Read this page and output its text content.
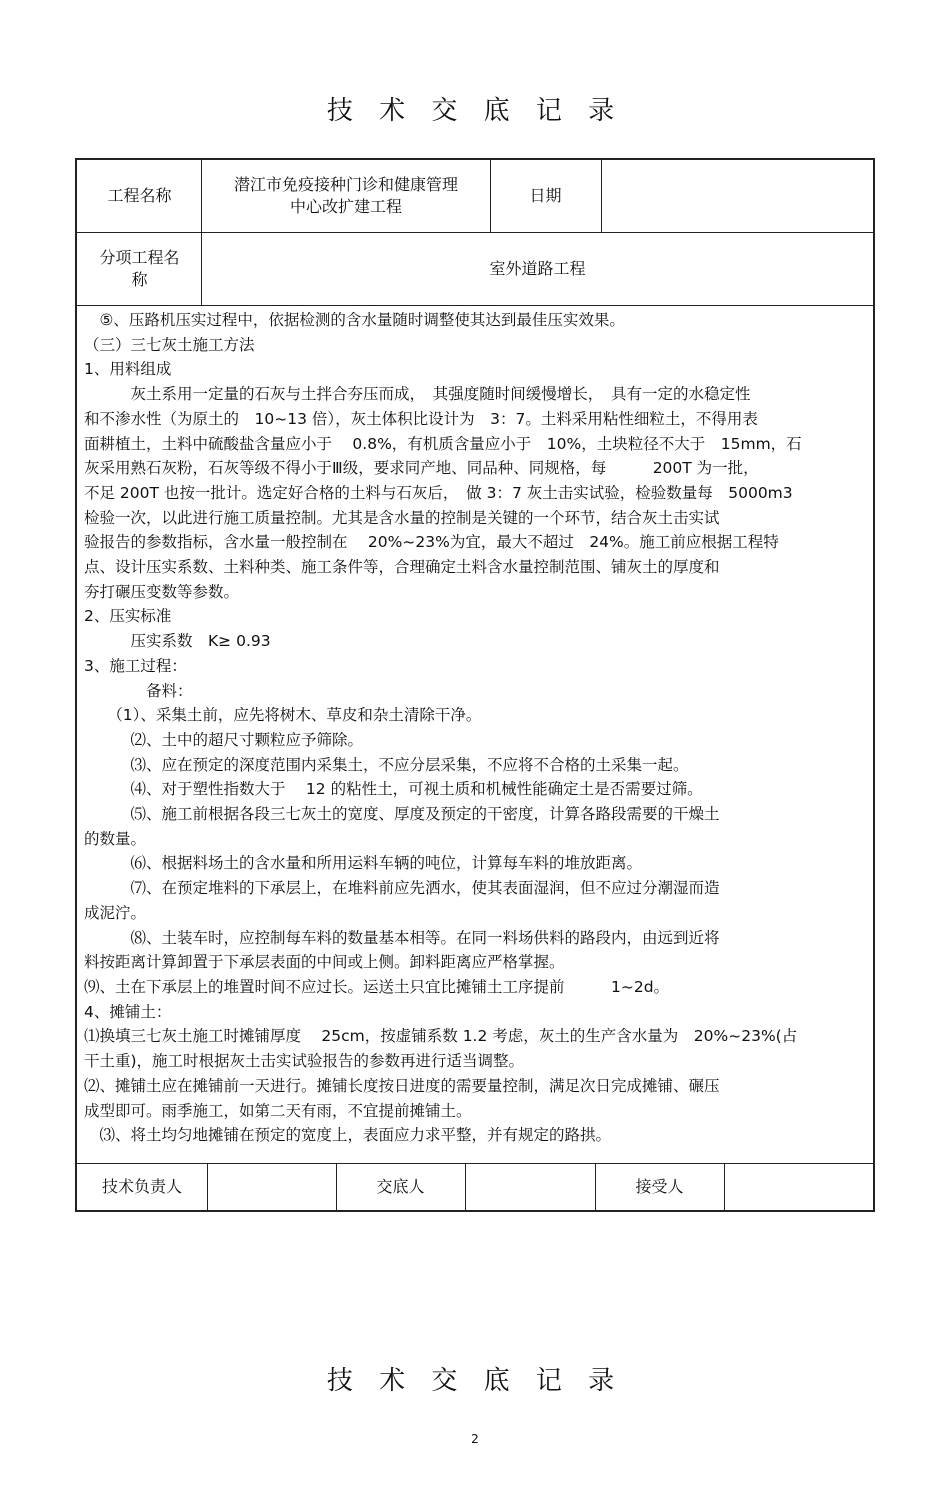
技 术 交 底 记 录
工程名称
潜江市免疫接种门诊和健康管理
中心改扩建工程
日期
分项工程名
称
室外道路工程

　⑤、压路机压实过程中，依据检测的含水量随时调整使其达到最佳压实效果。

（三）三七灰土施工方法

1、用料组成

　　　灰土系用一定量的石灰与土拌合夯压而成，　其强度随时间缓慢增长，　具有一定的水稳定性

和不渗水性（为原土的　10~13 倍），灰土体积比设计为　3：7。土料采用粘性细粒土，不得用表

面耕植土，土料中硫酸盐含量应小于　 0.8%，有机质含量应小于　10%，土块粒径不大于　15mm，石

灰采用熟石灰粉，石灰等级不得小于Ⅲ级，要求同产地、同品种、同规格，每　　　200T 为一批，

不足 200T 也按一批计。选定好合格的土料与石灰后，　做 3：7 灰土击实试验，检验数量每　5000m3

检验一次，以此进行施工质量控制。尤其是含水量的控制是关键的一个环节，结合灰土击实试

验报告的参数指标，含水量一般控制在　 20%~23%为宜，最大不超过　24%。施工前应根据工程特

点、设计压实系数、土料种类、施工条件等，合理确定土料含水量控制范围、铺灰土的厚度和

夯打碾压变数等参数。

2、压实标准

　　　压实系数　K≥ 0.93

3、施工过程：

　　　　备料：

　　（1）、采集土前，应先将树木、草皮和杂土清除干净。

　　　⑵、土中的超尺寸颗粒应予筛除。

　　　⑶、应在预定的深度范围内采集土，不应分层采集，不应将不合格的土采集一起。

　　　⑷、对于塑性指数大于　 12 的粘性土，可视土质和机械性能确定土是否需要过筛。

　　　⑸、施工前根据各段三七灰土的宽度、厚度及预定的干密度，计算各路段需要的干燥土

的数量。

　　　⑹、根据料场土的含水量和所用运料车辆的吨位，计算每车料的堆放距离。

　　　⑺、在预定堆料的下承层上，在堆料前应先洒水，使其表面湿润，但不应过分潮湿而造

成泥泞。

　　　⑻、土装车时，应控制每车料的数量基本相等。在同一料场供料的路段内，由远到近将

料按距离计算卸置于下承层表面的中间或上侧。卸料距离应严格掌握。

⑼、土在下承层上的堆置时间不应过长。运送土只宜比摊铺土工序提前　　　1~2d。

4、摊铺土：

⑴换填三七灰土施工时摊铺厚度　 25cm，按虚铺系数 1.2 考虑，灰土的生产含水量为　20%~23%(占

干土重)，施工时根据灰土击实试验报告的参数再进行适当调整。

⑵、摊铺土应在摊铺前一天进行。摊铺长度按日进度的需要量控制，满足次日完成摊铺、碾压

成型即可。雨季施工，如第二天有雨，不宜提前摊铺土。

　⑶、将土均匀地摊铺在预定的宽度上，表面应力求平整，并有规定的路拱。

技术负责人	交底人	接受人
技 术 交 底 记 录
2
